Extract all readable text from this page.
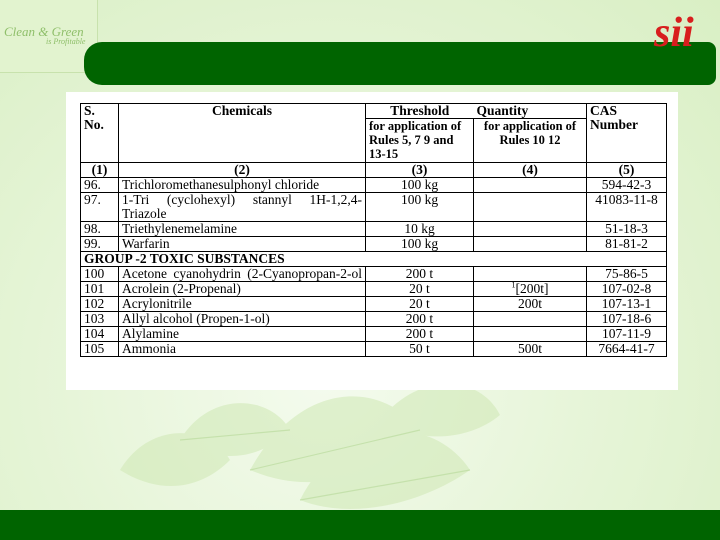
Clean & Green
is Profitable	sii
S. No.	Chemicals	Threshold	Quantity	CAS Number
		for application of Rules 5, 7 9 and 13-15	for application of Rules 10 12	

(1)	(2)	(3)	(4)	(5)
96.	Trichloromethanesulphonyl chloride	100 kg		594-42-3
97.	1-Tri (cyclohexyl) stannyl 1H-1,2,4-Triazole	100 kg		41083-11-8
98.	Triethylenemelamine	10 kg		51-18-3
99.	Warfarin	100 kg		81-81-2
GROUP -2 TOXIC SUBSTANCES				
100	Acetone cyanohydrin (2-Cyanopropan-2-ol	200 t		75-86-5
101	Acrolein (2-Propenal)	20 t	$^1$[200t]	107-02-8
102	Acrylonitrile	20 t	200t	107-13-1
103	Allyl alcohol (Propen-1-ol)	200 t		107-18-6
104	Alylamine	200 t		107-11-9
105	Ammonia	50 t	500t	7664-41-7
